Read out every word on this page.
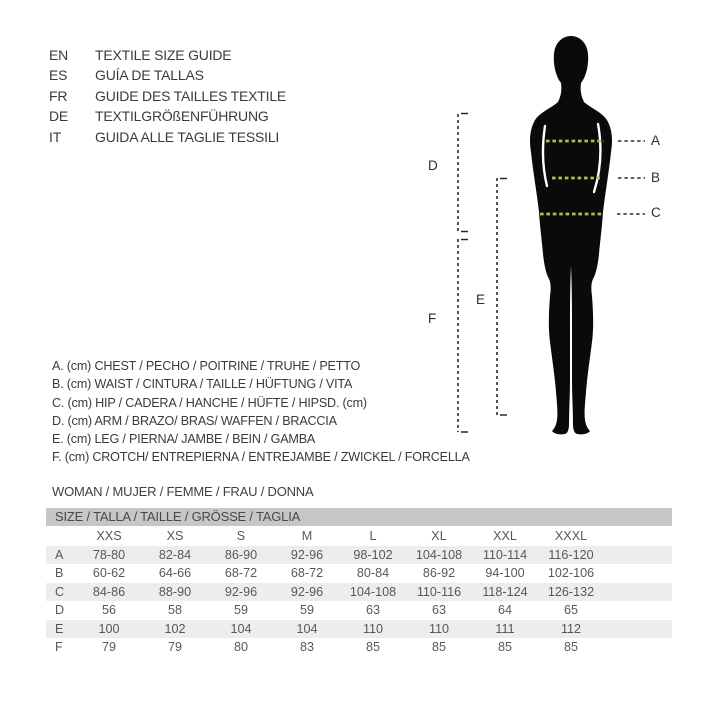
EN	TEXTILE SIZE GUIDE
ES	GUÍA DE TALLAS
FR	GUIDE DES TAILLES TEXTILE
DE	TEXTILGRÖßENFÜHRUNG
IT	GUIDA ALLE TAGLIE TESSILI	A
B
C
D
E
F
A. (cm) CHEST / PECHO / POITRINE / TRUHE / PETTO
B. (cm) WAIST / CINTURA / TAILLE / HÜFTUNG / VITA
C. (cm) HIP / CADERA / HANCHE / HÜFTE / HIPSD. (cm)
D. (cm) ARM / BRAZO/ BRAS/ WAFFEN / BRACCIA
E. (cm) LEG / PIERNA/ JAMBE / BEIN / GAMBA
F. (cm) CROTCH/ ENTREPIERNA / ENTREJAMBE / ZWICKEL / FORCELLA
WOMAN / MUJER / FEMME / FRAU / DONNA
SIZE / TALLA / TAILLE / GRÖSSE / TAGLIA
XXS	XS	S	M	L	XL	XXL	XXXL
A	78-80	82-84	86-90	92-96	98-102	104-108	110-114	116-120
B	60-62	64-66	68-72	68-72	80-84	86-92	94-100	102-106
C	84-86	88-90	92-96	92-96	104-108	110-116	118-124	126-132
D	56	58	59	59	63	63	64	65
E	100	102	104	104	110	110	111	112
F	79	79	80	83	85	85	85	85
